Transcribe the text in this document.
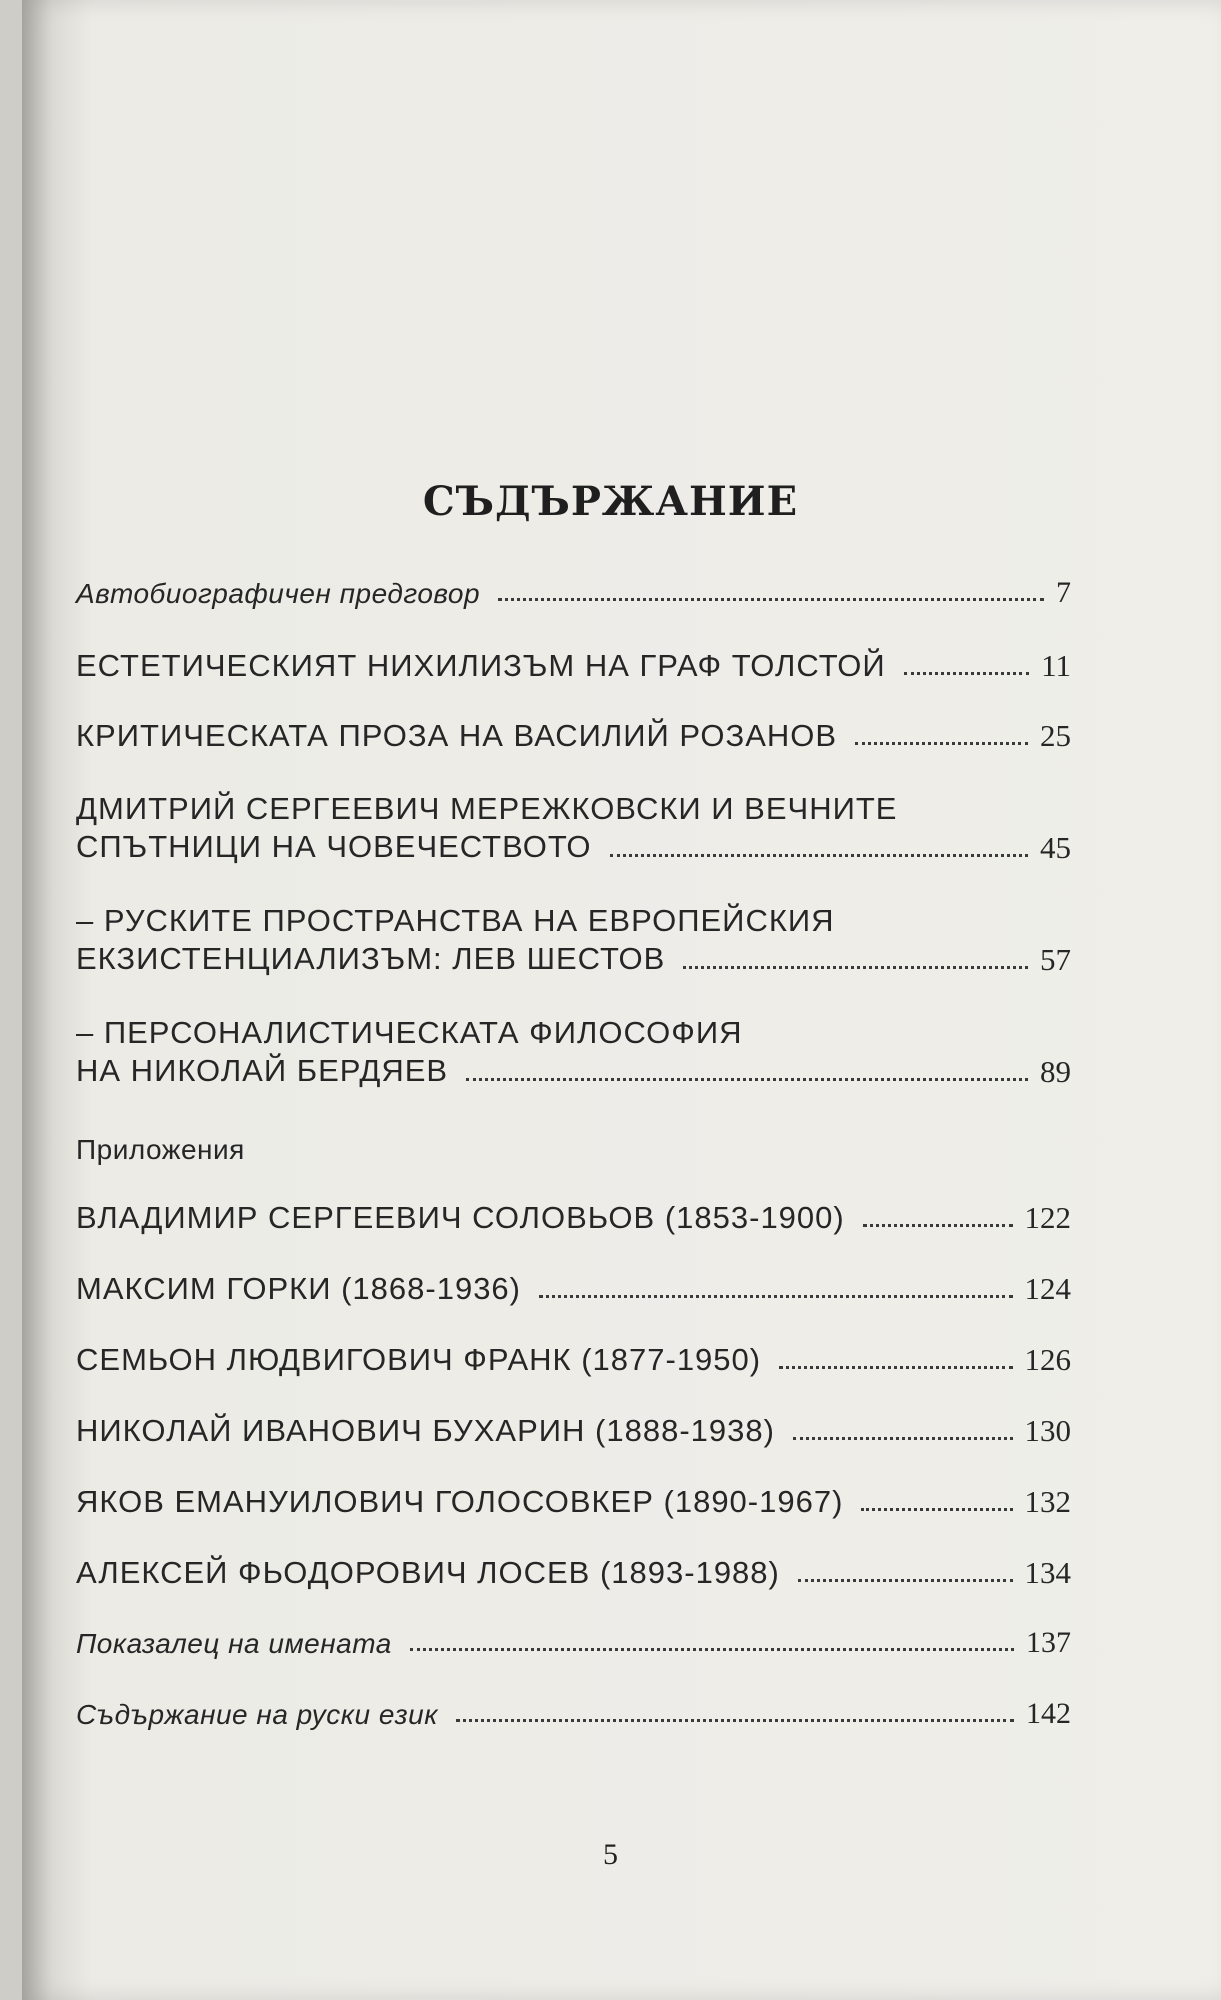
СЪДЪРЖАНИЕ
Автобиографичен предговор	7
ЕСТЕТИЧЕСКИЯТ НИХИЛИЗЪМ НА ГРАФ ТОЛСТОЙ	11
КРИТИЧЕСКАТА ПРОЗА НА ВАСИЛИЙ РОЗАНОВ	25
ДМИТРИЙ СЕРГЕЕВИЧ МЕРЕЖКОВСКИ И ВЕЧНИТЕ
СПЪТНИЦИ НА ЧОВЕЧЕСТВОТО	45
– РУСКИТЕ ПРОСТРАНСТВА НА ЕВРОПЕЙСКИЯ
ЕКЗИСТЕНЦИАЛИЗЪМ: ЛЕВ ШЕСТОВ	57
– ПЕРСОНАЛИСТИЧЕСКАТА ФИЛОСОФИЯ
НА НИКОЛАЙ БЕРДЯЕВ	89
Приложения
ВЛАДИМИР СЕРГЕЕВИЧ СОЛОВЬОВ (1853-1900)	122
МАКСИМ ГОРКИ (1868-1936)	124
СЕМЬОН ЛЮДВИГОВИЧ ФРАНК (1877-1950)	126
НИКОЛАЙ ИВАНОВИЧ БУХАРИН (1888-1938)	130
ЯКОВ ЕМАНУИЛОВИЧ ГОЛОСОВКЕР (1890-1967)	132
АЛЕКСЕЙ ФЬОДОРОВИЧ ЛОСЕВ (1893-1988)	134
Показалец на имената	137
Съдържание на руски език	142
5
